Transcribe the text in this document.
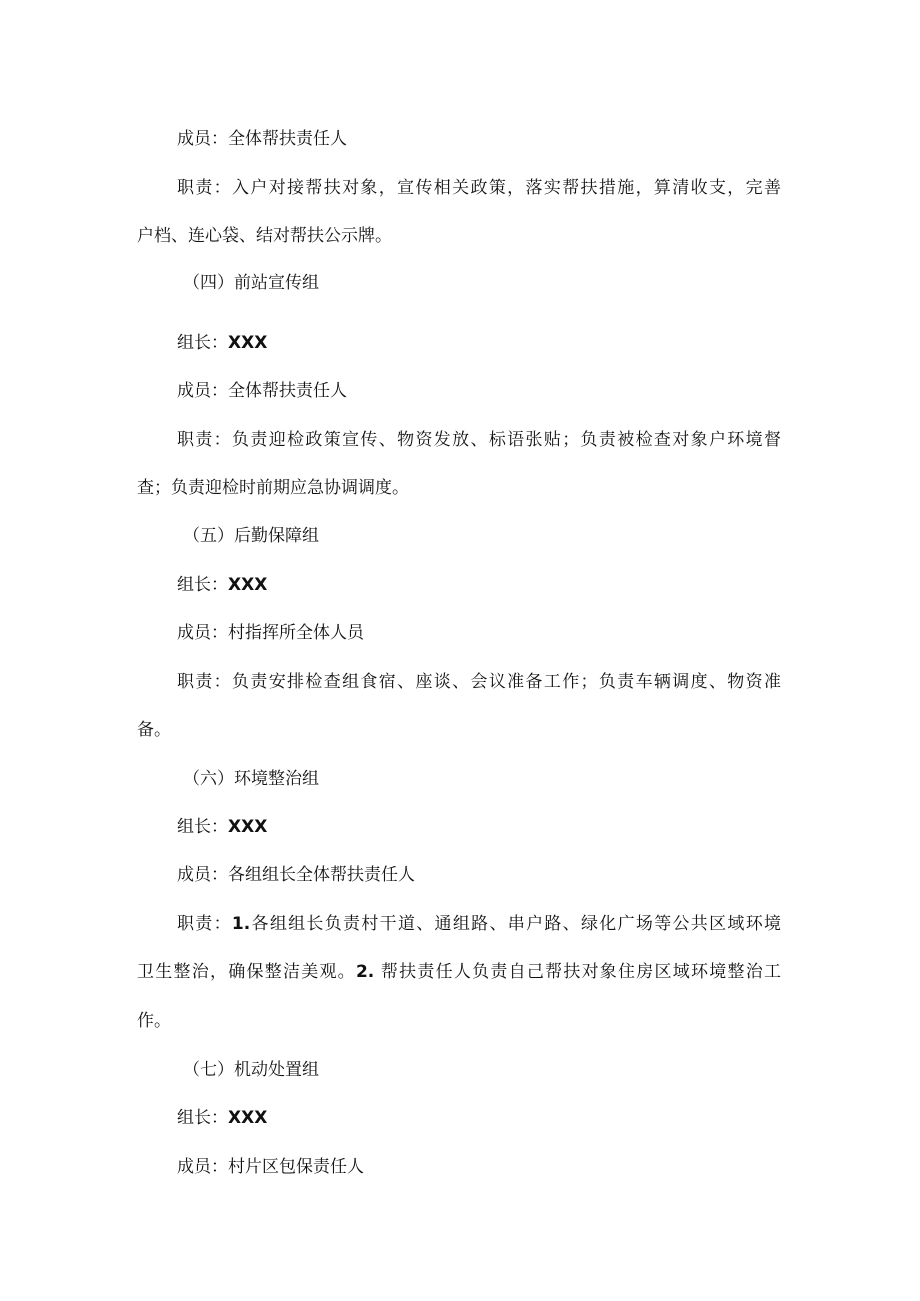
成员：全体帮扶责任人
职责：入户对接帮扶对象，宣传相关政策，落实帮扶措施，算清收支，完善
户档、连心袋、结对帮扶公示牌。
（四）前站宣传组
组长：XXX
成员：全体帮扶责任人
职责：负责迎检政策宣传、物资发放、标语张贴；负责被检查对象户环境督
查；负责迎检时前期应急协调调度。
（五）后勤保障组
组长：XXX
成员：村指挥所全体人员
职责：负责安排检查组食宿、座谈、会议准备工作；负责车辆调度、物资准
备。
（六）环境整治组
组长：XXX
成员：各组组长全体帮扶责任人
职责：1.各组组长负责村干道、通组路、串户路、绿化广场等公共区域环境
卫生整治，确保整洁美观。2. 帮扶责任人负责自己帮扶对象住房区域环境整治工
作。
（七）机动处置组
组长：XXX
成员：村片区包保责任人
